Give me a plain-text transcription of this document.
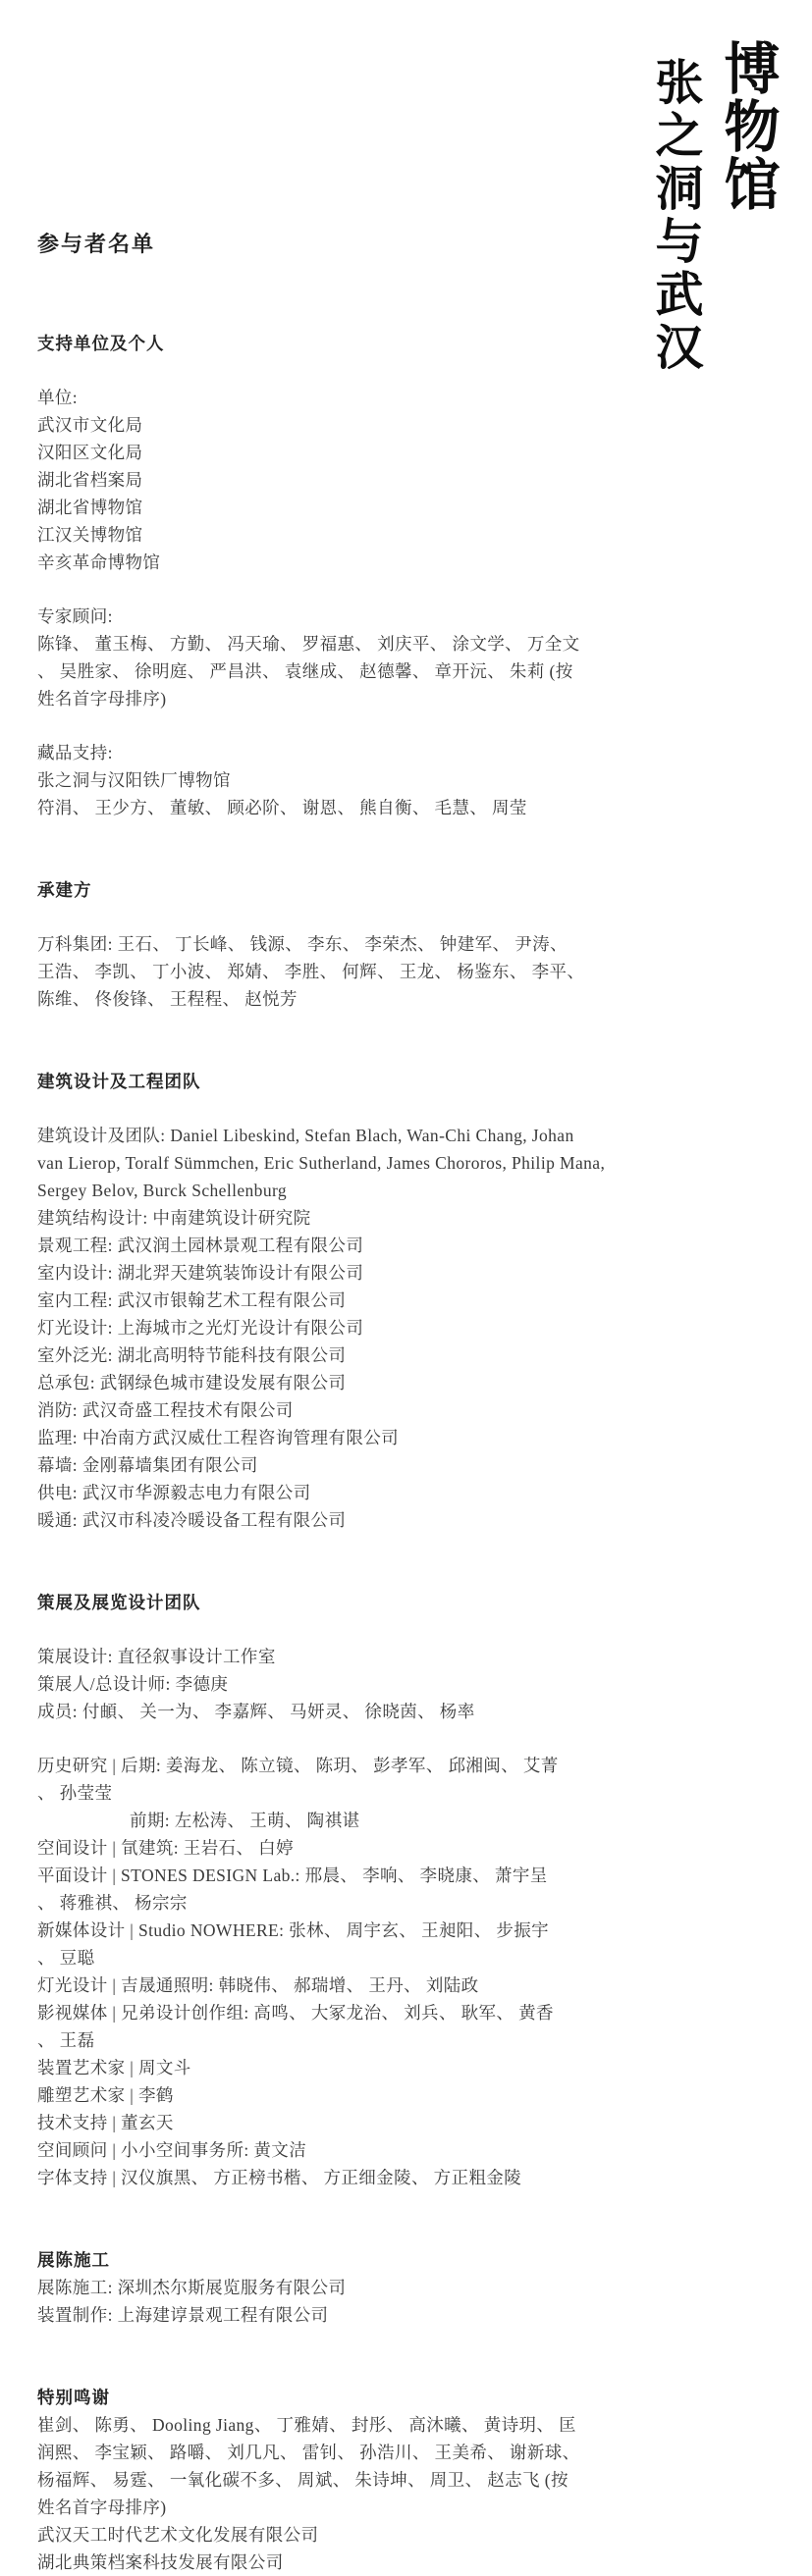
博物馆
张之洞与武汉
参与者名单
支持单位及个人
单位:
武汉市文化局
汉阳区文化局
湖北省档案局
湖北省博物馆
江汉关博物馆
辛亥革命博物馆
专家顾问:
陈锋、 董玉梅、 方勤、 冯天瑜、 罗福惠、 刘庆平、 涂文学、 万全文
、 吴胜家、 徐明庭、 严昌洪、 袁继成、 赵德馨、 章开沅、 朱莉 (按
姓名首字母排序)
藏品支持:
张之洞与汉阳铁厂博物馆
符涓、 王少方、 董敏、 顾必阶、 谢恩、 熊自衡、 毛慧、 周莹
承建方
万科集团: 王石、 丁长峰、 钱源、 李东、 李荣杰、 钟建军、 尹涛、
王浩、 李凯、 丁小波、 郑婧、 李胜、 何辉、 王龙、 杨鉴东、 李平、
陈维、 佟俊锋、 王程程、 赵悦芳
建筑设计及工程团队
建筑设计及团队: Daniel Libeskind, Stefan Blach, Wan-Chi Chang, Johan
van Lierop, Toralf Sümmchen, Eric Sutherland, James Chororos, Philip Mana,
Sergey Belov, Burck Schellenburg
建筑结构设计: 中南建筑设计研究院
景观工程: 武汉润土园林景观工程有限公司
室内设计: 湖北羿天建筑装饰设计有限公司
室内工程: 武汉市银翰艺术工程有限公司
灯光设计: 上海城市之光灯光设计有限公司
室外泛光: 湖北高明特节能科技有限公司
总承包: 武钢绿色城市建设发展有限公司
消防: 武汉奇盛工程技术有限公司
监理: 中冶南方武汉威仕工程咨询管理有限公司
幕墙: 金刚幕墙集团有限公司
供电: 武汉市华源毅志电力有限公司
暖通: 武汉市科凌冷暖设备工程有限公司
策展及展览设计团队
策展设计: 直径叙事设计工作室
策展人/总设计师: 李德庚
成员: 付頔、 关一为、 李嘉辉、 马妍灵、 徐晓茵、 杨率
历史研究 | 后期: 姜海龙、 陈立镜、 陈玥、 彭孝军、 邱湘闽、 艾菁
、 孙莹莹
前期: 左松涛、 王萌、 陶祺谌
空间设计 | 氜建筑: 王岩石、 白婷
平面设计 | STONES DESIGN Lab.: 邢晨、 李响、 李晓康、 萧宇呈
、 蒋雅祺、 杨宗宗
新媒体设计 | Studio NOWHERE: 张林、 周宇玄、 王昶阳、 步振宇
、 豆聪
灯光设计 | 吉晟通照明: 韩晓伟、 郝瑞增、 王丹、 刘陆政
影视媒体 | 兄弟设计创作组: 高鸣、 大冢龙治、 刘兵、 耿军、 黄香
、 王磊
装置艺术家 | 周文斗
雕塑艺术家 | 李鹤
技术支持 | 董玄天
空间顾问 | 小小空间事务所: 黄文洁
字体支持 | 汉仪旗黑、 方正榜书楷、 方正细金陵、 方正粗金陵
展陈施工
展陈施工: 深圳杰尔斯展览服务有限公司
装置制作: 上海建谆景观工程有限公司
特别鸣谢
崔剑、 陈勇、 Dooling Jiang、 丁雅婧、 封彤、 高沐曦、 黄诗玥、 匡
润熙、 李宝颖、 路嚼、 刘几凡、 雷钊、 孙浩川、 王美希、 谢新球、
杨福辉、 易霆、 一氧化碳不多、 周斌、 朱诗坤、 周卫、 赵志飞 (按
姓名首字母排序)
武汉天工时代艺术文化发展有限公司
湖北典策档案科技发展有限公司
